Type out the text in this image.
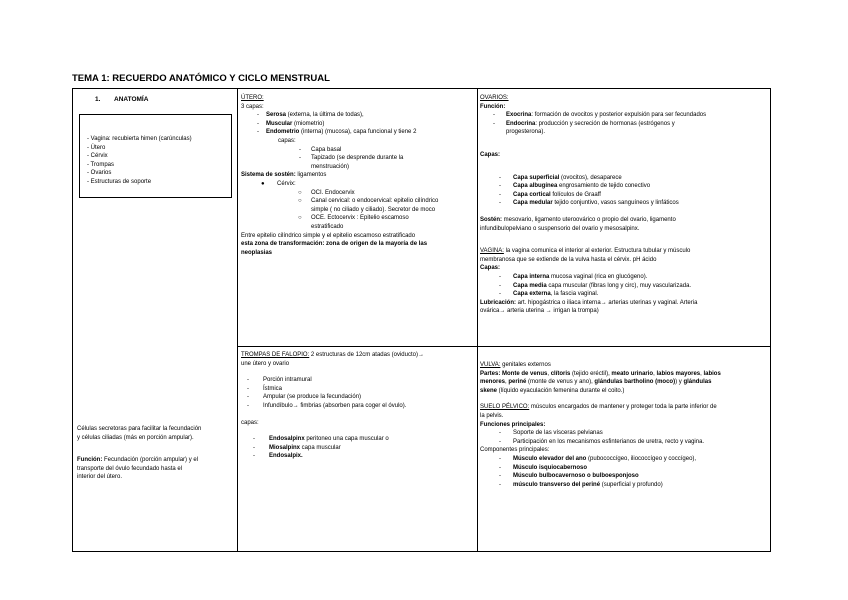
TEMA 1: RECUERDO ANATÓMICO Y CICLO MENSTRUAL
1. ANATOMÍA
- Vagina: recubierta himen (carúnculas)
- Útero
- Cérvix
- Trompas
- Ovarios
- Estructuras de soporte
Células secretoras para facilitar la fecundación
y células ciliadas (más en porción ampular).
Función: Fecundación (porción ampular) y el
transporte del óvulo fecundado hasta el
interior del útero.
ÚTERO:
3 capas:
- Serosa (externa, la última de todas),
- Muscular (miometrio)
- Endometrio (interna) (mucosa), capa funcional y tiene 2
capas:
- Capa basal
- Tapizado (se desprende durante la
menstruación)
Sistema de sostén: ligamentos
● Cérvix:
○ OCI. Endocervix
○ Canal cervical: o endocervical: epitelio cilíndrico
simple ( no ciliado y ciliado). Secretor de moco
○ OCE. Ectocervix : Epitelio escamoso
estratificado
Entre epitelio cilíndrico simple y el epitelio escamoso estratificado
esta zona de transformación: zona de origen de la mayoría de las
neoplasias
TROMPAS DE FALOPIO: 2 estructuras de 12cm atadas (oviducto)→
une útero y ovario
- Porción intramural
- Ístmica
- Ampular (se produce la fecundación)
- Infundíbulo→ fimbrias (absorben para coger el óvulo).
capas:
- Endosalpinx peritoneo una capa muscular o
- Miosalpinx capa muscular
- Endosalpix.
OVARIOS:
Función:
- Exocrina: formación de ovocitos y posterior expulsión para ser fecundados
- Endocrina: producción y secreción de hormonas (estrógenos y
progesterona).
Capas:
- Capa superficial (ovocitos), desaparece
- Capa albugínea engrosamiento de tejido conectivo
- Capa cortical folículos de Graaff
- Capa medular tejido conjuntivo, vasos sanguíneos y linfáticos
Sostén: mesovario, ligamento uteroovárico o propio del ovario, ligamento
infundibulopelviano o suspensorio del ovario y mesosalpinx.
VAGINA: la vagina comunica el interior al exterior. Estructura tubular y músculo
membranosa que se extiende de la vulva hasta el cérvix. pH ácido
Capas:
- Capa interna mucosa vaginal (rica en glucógeno).
- Capa media capa muscular (fibras long y circ), muy vascularizada.
- Capa externa, la fascia vaginal.
Lubricación: art. hipogástrica o iliaca interna→ arterias uterinas y vaginal. Arteria
ovárica→ arteria uterina → irrigan la trompa)
VULVA: genitales externos
Partes: Monte de venus, clítoris (tejido eréctil), meato urinario, labios mayores, labios
menores, periné (monte de venus y ano), glándulas bartholino (moco)) y glándulas
skene (líquido eyaculación femenina durante el coito.)
SUELO PÉLVICO: músculos encargados de mantener y proteger toda la parte inferior de
la pelvis.
Funciones principales:
- Soporte de las vísceras pelvianas
- Participación en los mecanismos esfinterianos de uretra, recto y vagina.
Componentes principales:
- Músculo elevador del ano (pubococcígeo, iliococcígeo y coccígeo),
- Músculo isquiocabernoso
- Músculo bulbocavernoso o bulboesponjoso
- músculo transverso del periné (superficial y profundo)
